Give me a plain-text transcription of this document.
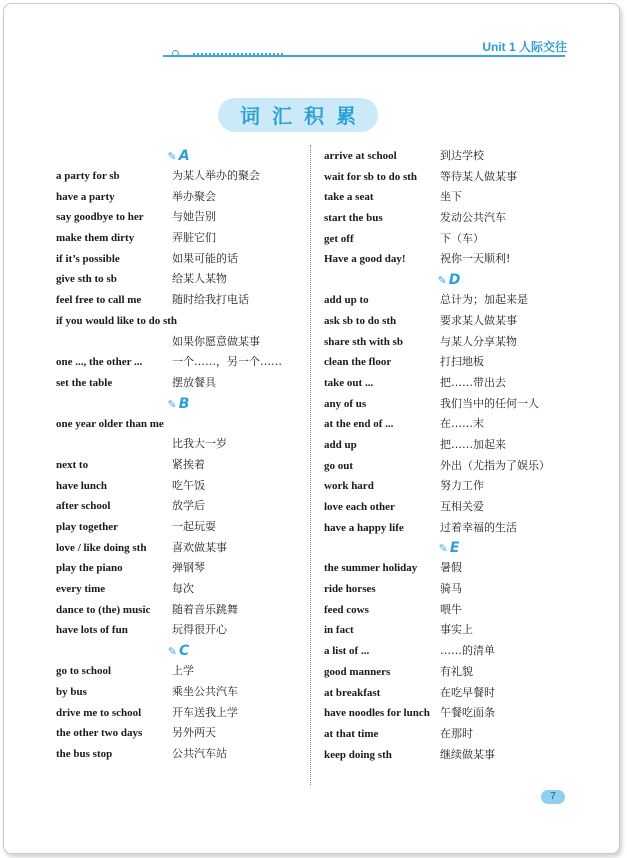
Unit 1 人际交往
词汇积累
✎ A
a party for sb	为某人举办的聚会
have a party	举办聚会
say goodbye to her	与她告别
make them dirty	弄脏它们
if it’s possible	如果可能的话
give sth to sb	给某人某物
feel free to call me	随时给我打电话
if you would like to do sth
如果你愿意做某事
one ..., the other ...	一个……，另一个……
set the table	摆放餐具
✎ B
one year older than me
比我大一岁
next to	紧挨着
have lunch	吃午饭
after school	放学后
play together	一起玩耍
love / like doing sth 喜欢做某事
play the piano	弹钢琴
every time	每次
dance to (the) music 随着音乐跳舞
have lots of fun	玩得很开心
✎ C
go to school	上学
by bus	乘坐公共汽车
drive me to school	开车送我上学
the other two days	另外两天
the bus stop	公共汽车站
arrive at school	到达学校
wait for sb to do sth 等待某人做某事
take a seat	坐下
start the bus	发动公共汽车
get off	下（车）
Have a good day!	祝你一天顺利!
✎ D
add up to	总计为；加起来是
ask sb to do sth	要求某人做某事
share sth with sb	与某人分享某物
clean the floor	打扫地板
take out ...	把……带出去
any of us	我们当中的任何一人
at the end of ...	在……末
add up	把……加起来
go out	外出（尤指为了娱乐）
work hard	努力工作
love each other	互相关爱
have a happy life	过着幸福的生活
✎ E
the summer holiday 暑假
ride horses	骑马
feed cows	喂牛
in fact	事实上
a list of ...	……的清单
good manners	有礼貌
at breakfast	在吃早餐时
have noodles for lunch 午餐吃面条
at that time	在那时
keep doing sth	继续做某事
7
